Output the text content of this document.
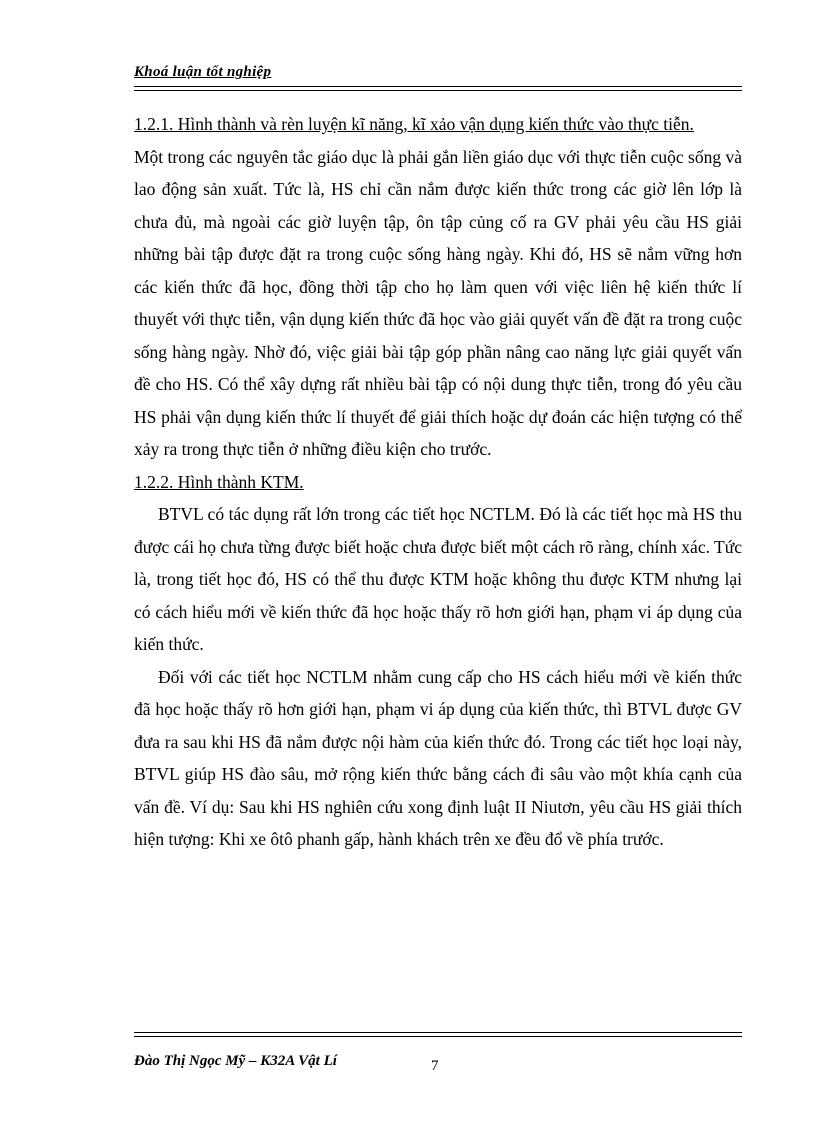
Khoá luận tốt nghiệp

1.2.1. Hình thành và rèn luyện kĩ năng, kĩ xảo vận dụng kiến thức vào thực tiễn.

Một trong các nguyên tắc giáo dục là phải gắn liền giáo dục với thực tiễn cuộc sống và lao động sản xuất. Tức là, HS chỉ cần nắm được kiến thức trong các giờ lên lớp là chưa đủ, mà ngoài các giờ luyện tập, ôn tập củng cố ra GV phải yêu cầu HS giải những bài tập được đặt ra trong cuộc sống hàng ngày. Khi đó, HS sẽ nắm vững hơn các kiến thức đã học, đồng thời tập cho họ làm quen với việc liên hệ kiến thức lí thuyết với thực tiễn, vận dụng kiến thức đã học vào giải quyết vấn đề đặt ra trong cuộc sống hàng ngày. Nhờ đó, việc giải bài tập góp phần nâng cao năng lực giải quyết vấn đề cho HS. Có thể xây dựng rất nhiều bài tập có nội dung thực tiễn, trong đó yêu cầu HS phải vận dụng kiến thức lí thuyết để giải thích hoặc dự đoán các hiện tượng có thể xảy ra trong thực tiễn ở những điều kiện cho trước.

1.2.2. Hình thành KTM.

BTVL có tác dụng rất lớn trong các tiết học NCTLM. Đó là các tiết học mà HS thu được cái họ chưa từng được biết hoặc chưa được biết một cách rõ ràng, chính xác. Tức là, trong tiết học đó, HS có thể thu được KTM hoặc không thu được KTM nhưng lại có cách hiểu mới về kiến thức đã học hoặc thấy rõ hơn giới hạn, phạm vi áp dụng của kiến thức.

Đối với các tiết học NCTLM nhằm cung cấp cho HS cách hiểu mới về kiến thức đã học hoặc thấy rõ hơn giới hạn, phạm vi áp dụng của kiến thức, thì BTVL được GV đưa ra sau khi HS đã nắm được nội hàm của kiến thức đó. Trong các tiết học loại này, BTVL giúp HS đào sâu, mở rộng kiến thức bằng cách đi sâu vào một khía cạnh của vấn đề. Ví dụ: Sau khi HS nghiên cứu xong định luật II Niutơn, yêu cầu HS giải thích hiện tượng: Khi xe ôtô phanh gấp, hành khách trên xe đều đổ về phía trước.

Đào Thị Ngọc Mỹ – K32A Vật Lí	7
